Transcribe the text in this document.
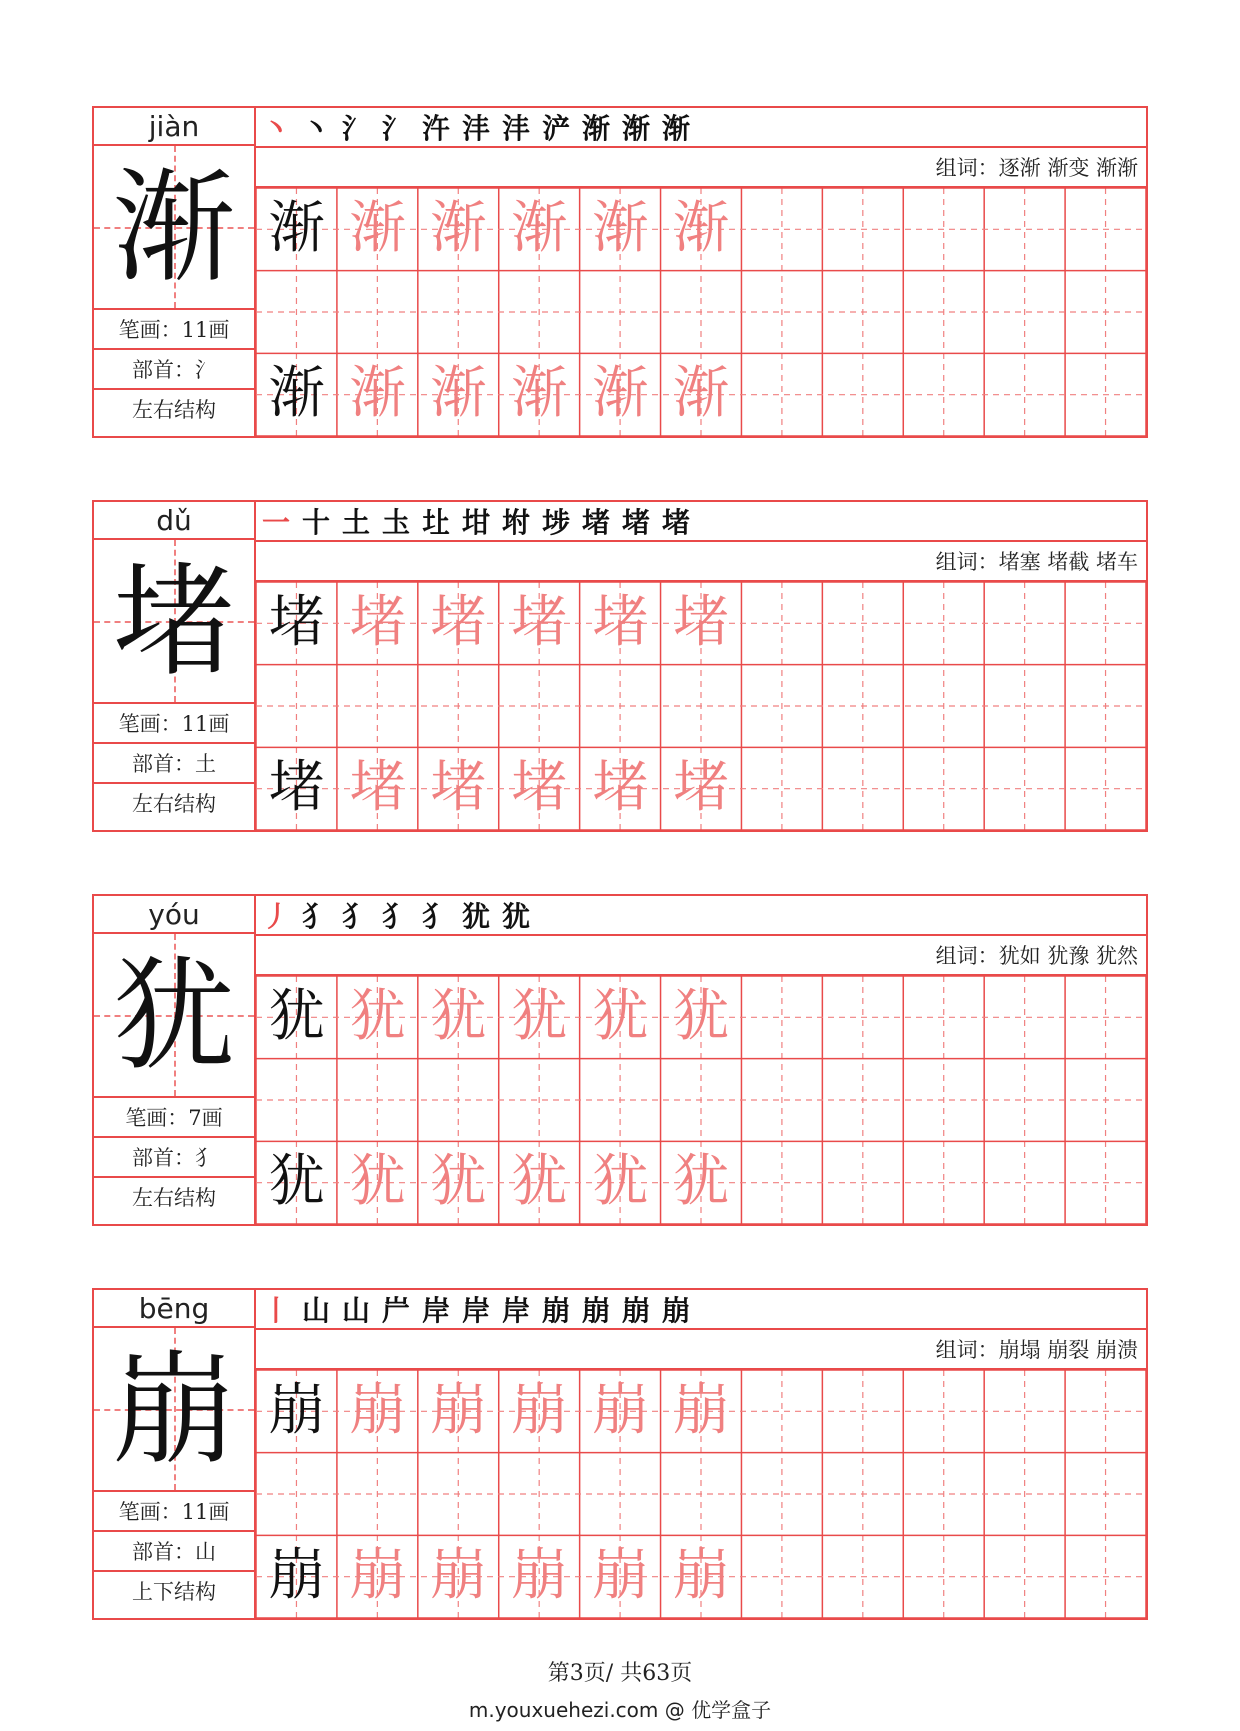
jiàn
渐
笔画：11画
部首：氵
左右结构
丶 丶 氵 氵 汻 沣 沣 浐 渐 渐 渐
组词：逐渐 渐变 渐渐
渐 渐 渐 渐 渐 渐
渐 渐 渐 渐 渐 渐
dǔ
堵
笔画：11画
部首：土
左右结构
一 十 土 圡 圵 坩 坿 埗 堵 堵 堵
组词：堵塞 堵截 堵车
堵 堵 堵 堵 堵 堵
堵 堵 堵 堵 堵 堵
yóu
犹
笔画：7画
部首：犭
左右结构
丿 犭 犭 犭 犭 犹 犹
组词：犹如 犹豫 犹然
犹 犹 犹 犹 犹 犹
犹 犹 犹 犹 犹 犹
bēng
崩
笔画：11画
部首：山
上下结构
丨 山 山 屵 岸 岸 岸 崩 崩 崩 崩
组词：崩塌 崩裂 崩溃
崩 崩 崩 崩 崩 崩
崩 崩 崩 崩 崩 崩
第3页/ 共63页
m.youxuehezi.com @ 优学盒子
